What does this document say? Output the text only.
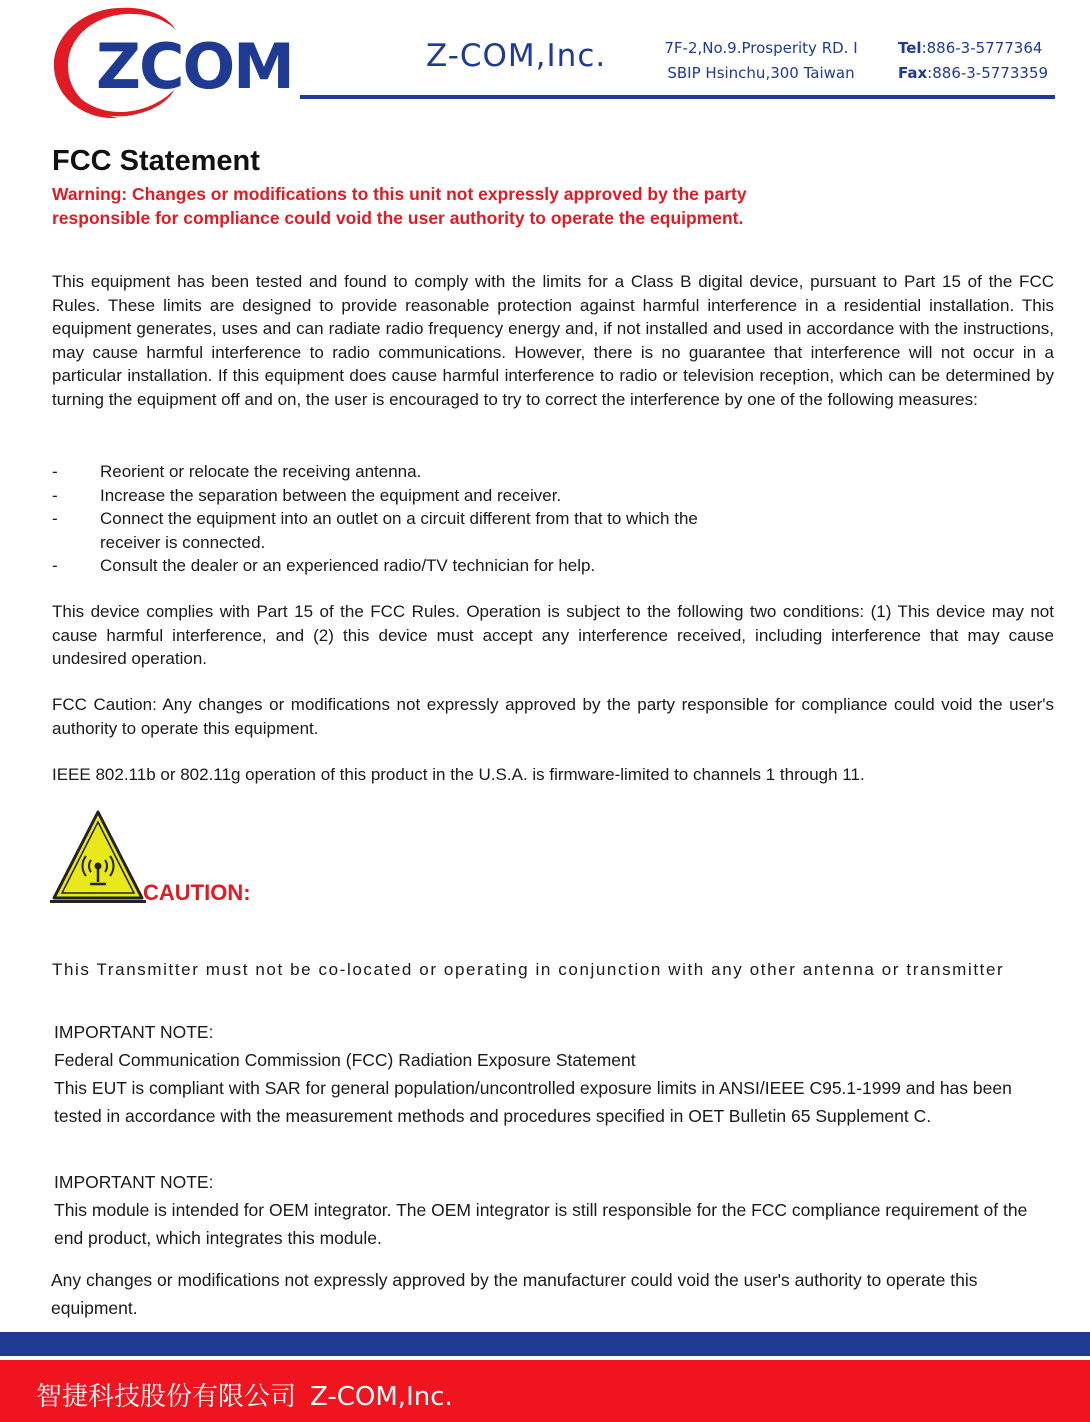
ZCOM	Z-COM,Inc.	7F-2,No.9.Prosperity RD. I
SBIP Hsinchu,300 Taiwan
Tel:886-3-5777364
Fax:886-3-5773359
FCC Statement
Warning: Changes or modifications to this unit not expressly approved by the party responsible for compliance could void the user authority to operate the equipment.
This equipment has been tested and found to comply with the limits for a Class B digital device, pursuant to Part 15 of the FCC Rules. These limits are designed to provide reasonable protection against harmful interference in a residential installation. This equipment generates, uses and can radiate radio frequency energy and, if not installed and used in accordance with the instructions, may cause harmful interference to radio communications. However, there is no guarantee that interference will not occur in a particular installation. If this equipment does cause harmful interference to radio or television reception, which can be determined by turning the equipment off and on, the user is encouraged to try to correct the interference by one of the following measures:
-	Reorient or relocate the receiving antenna.
-	Increase the separation between the equipment and receiver.
-	Connect the equipment into an outlet on a circuit different from that to which the receiver is connected.
-	Consult the dealer or an experienced radio/TV technician for help.
This device complies with Part 15 of the FCC Rules. Operation is subject to the following two conditions: (1) This device may not cause harmful interference, and (2) this device must accept any interference received, including interference that may cause undesired operation.
FCC Caution: Any changes or modifications not expressly approved by the party responsible for compliance could void the user's authority to operate this equipment.
IEEE 802.11b or 802.11g operation of this product in the U.S.A. is firmware-limited to channels 1 through 11.
CAUTION:
This Transmitter must not be co-located or operating in conjunction with any other antenna or transmitter
IMPORTANT NOTE:
Federal Communication Commission (FCC) Radiation Exposure Statement
This EUT is compliant with SAR for general population/uncontrolled exposure limits in ANSI/IEEE C95.1-1999 and has been tested in accordance with the measurement methods and procedures specified in OET Bulletin 65 Supplement C.
IMPORTANT NOTE:
This module is intended for OEM integrator. The OEM integrator is still responsible for the FCC compliance requirement of the end product, which integrates this module.
Any changes or modifications not expressly approved by the manufacturer could void the user's authority to operate this equipment.
智捷科技股份有限公司 Z-COM,Inc.
